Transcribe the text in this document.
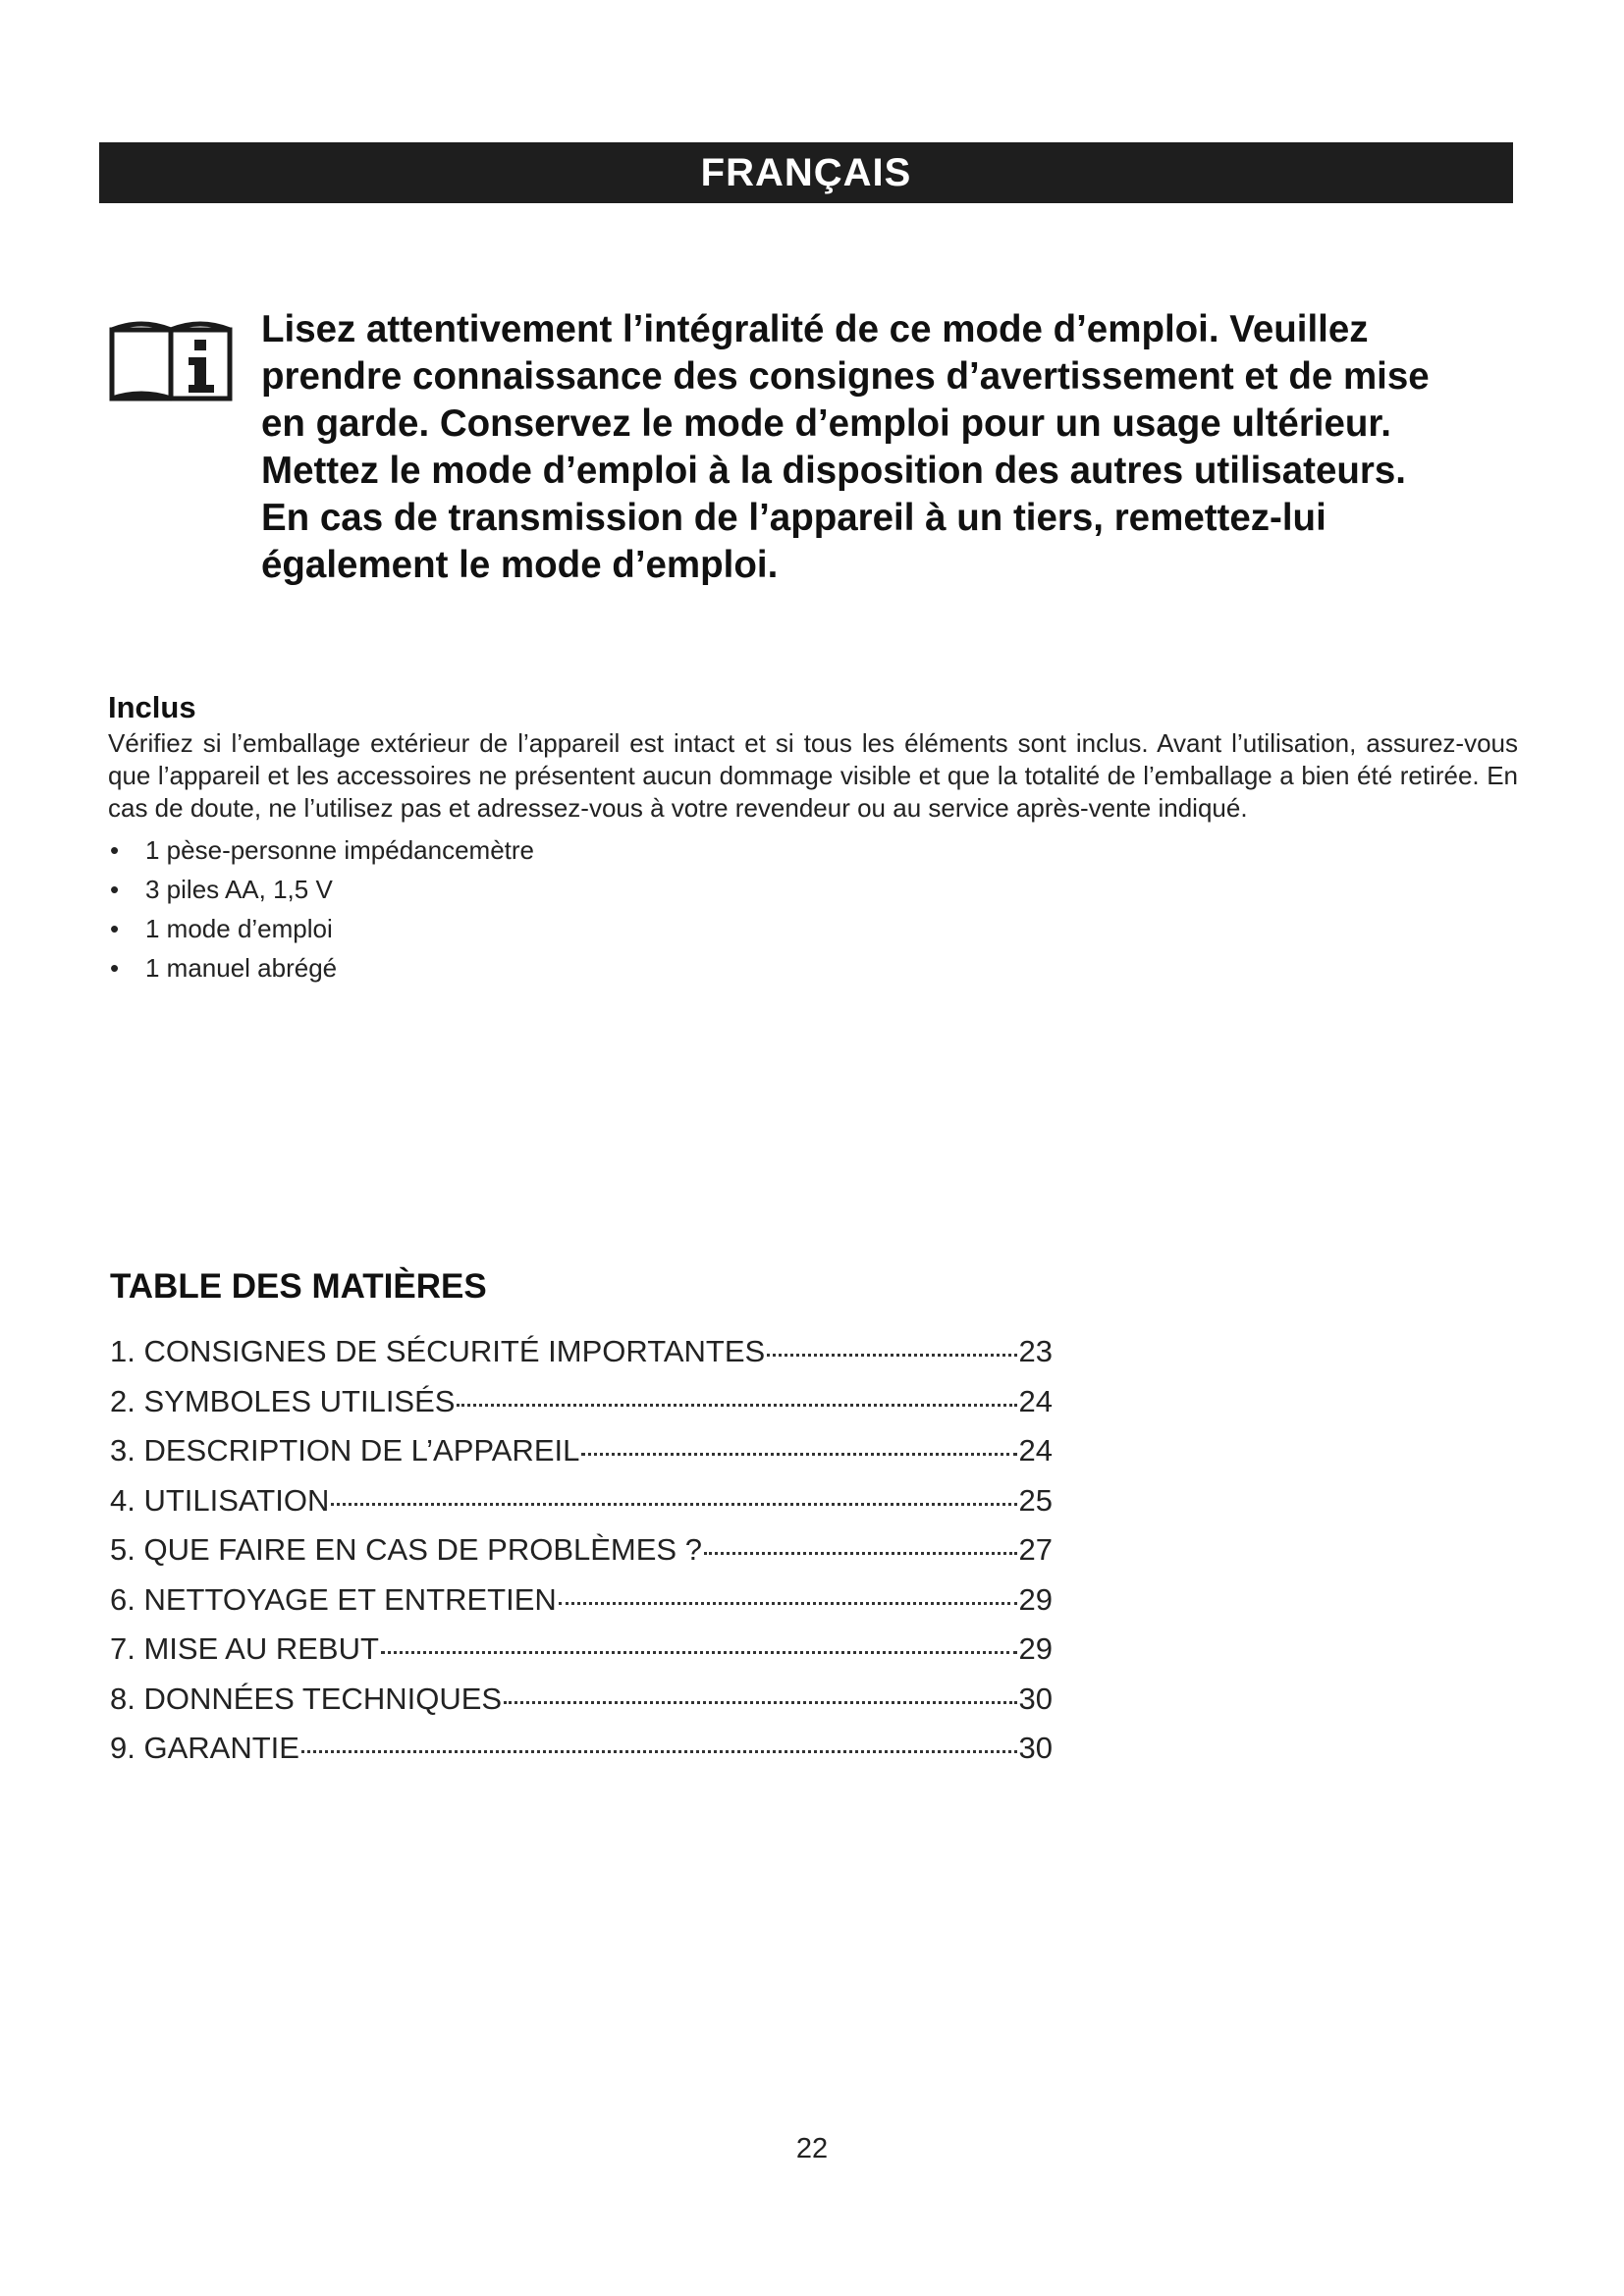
FRANÇAIS
Lisez attentivement l’intégralité de ce mode d’emploi. Veuillez
prendre connaissance des consignes d’avertissement et de mise
en garde. Conservez le mode d’emploi pour un usage ultérieur.
Mettez le mode d’emploi à la disposition des autres utilisateurs.
En cas de transmission de l’appareil à un tiers, remettez-lui
également le mode d’emploi.
Inclus

Vérifiez si l’emballage extérieur de l’appareil est intact et si tous les éléments sont inclus. Avant l’utilisation, assurez-vous que l’appareil et les accessoires ne présentent aucun dommage visible et que la totalité de l’emballage a bien été retirée. En cas de doute, ne l’utilisez pas et adressez-vous à votre revendeur ou au service après-vente indiqué.

• 1 pèse-personne impédancemètre
• 3 piles AA, 1,5 V
• 1 mode d’emploi
• 1 manuel abrégé
TABLE DES MATIÈRES
1. CONSIGNES DE SÉCURITÉ IMPORTANTES	23
2. SYMBOLES UTILISÉS	24
3. DESCRIPTION DE L’APPAREIL	24
4. UTILISATION	25
5. QUE FAIRE EN CAS DE PROBLÈMES ?	27
6. NETTOYAGE ET ENTRETIEN	29
7. MISE AU REBUT	29
8. DONNÉES TECHNIQUES	30
9. GARANTIE	30
22
